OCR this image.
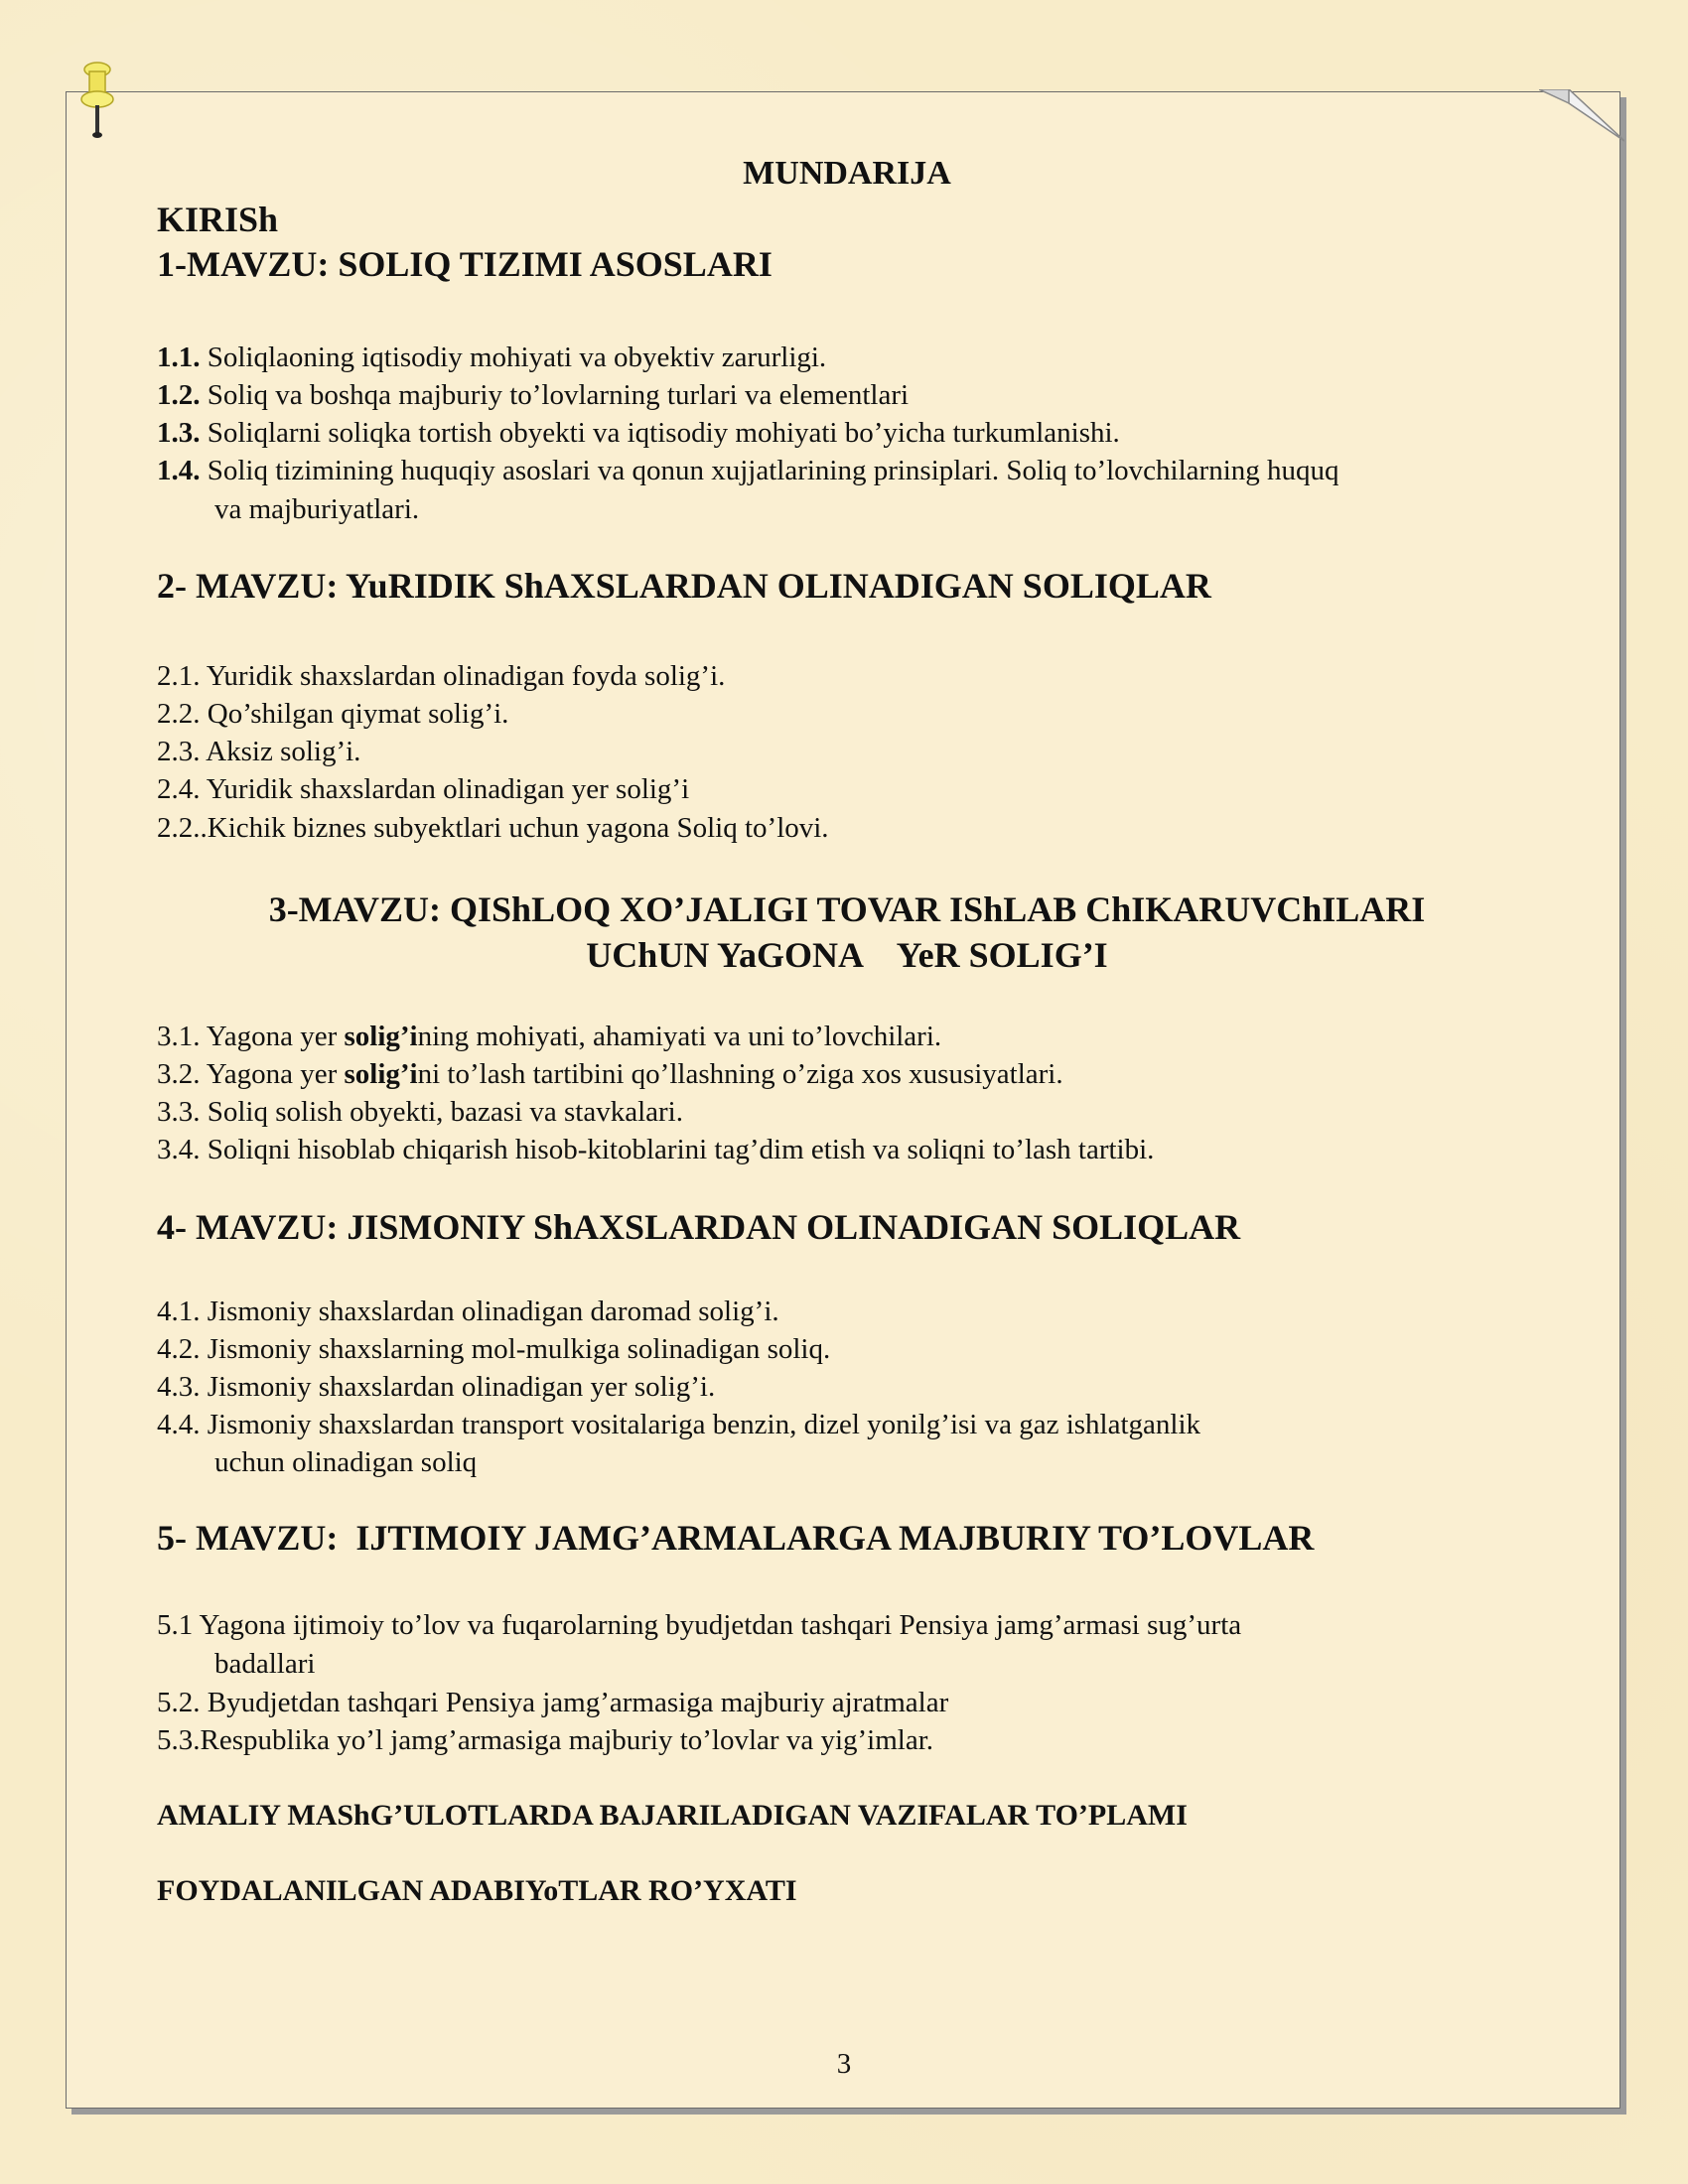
MUNDARIJA
KIRISh
1-MAVZU: SOLIQ TIZIMI ASOSLARI
1.1. Soliqlaoning iqtisodiy mohiyati va obyektiv zarurligi.
1.2. Soliq va boshqa majburiy to’lovlarning turlari va elementlari
1.3. Soliqlarni soliqka tortish obyekti va iqtisodiy mohiyati bo’yicha turkumlanishi.
1.4. Soliq tizimining huquqiy asoslari va qonun xujjatlarining prinsiplari. Soliq to’lovchilarning huquq
va majburiyatlari.
2- MAVZU: YuRIDIK ShAXSLARDAN OLINADIGAN SOLIQLAR
2.1. Yuridik shaxslardan olinadigan foyda solig’i.
2.2. Qo’shilgan qiymat solig’i.
2.3. Aksiz solig’i.
2.4. Yuridik shaxslardan olinadigan yer solig’i
2.2..Kichik biznes subyektlari uchun yagona Soliq to’lovi.
3-MAVZU: QIShLOQ XO’JALIGI TOVAR IShLAB ChIKARUVChILARI
UChUN YaGONA    YeR SOLIG’I
3.1. Yagona yer solig’ining mohiyati, ahamiyati va uni to’lovchilari.
3.2. Yagona yer solig’ini to’lash tartibini qo’llashning o’ziga xos xususiyatlari.
3.3. Soliq solish obyekti, bazasi va stavkalari.
3.4. Soliqni hisoblab chiqarish hisob-kitoblarini tag’dim etish va soliqni to’lash tartibi.
4- MAVZU: JISMONIY ShAXSLARDAN OLINADIGAN SOLIQLAR
4.1. Jismoniy shaxslardan olinadigan daromad solig’i.
4.2. Jismoniy shaxslarning mol-mulkiga solinadigan soliq.
4.3. Jismoniy shaxslardan olinadigan yer solig’i.
4.4. Jismoniy shaxslardan transport vositalariga benzin, dizel yonilg’isi va gaz ishlatganlik
uchun olinadigan soliq
5- MAVZU:  IJTIMOIY JAMG’ARMALARGA MAJBURIY TO’LOVLAR
5.1 Yagona ijtimoiy to’lov va fuqarolarning byudjetdan tashqari Pensiya jamg’armasi sug’urta
badallari
5.2. Byudjetdan tashqari Pensiya jamg’armasiga majburiy ajratmalar
5.3.Respublika yo’l jamg’armasiga majburiy to’lovlar va yig’imlar.
AMALIY MAShG’ULOTLARDA BAJARILADIGAN VAZIFALAR TO’PLAMI
FOYDALANILGAN ADABIYoTLAR RO’YXATI
3
